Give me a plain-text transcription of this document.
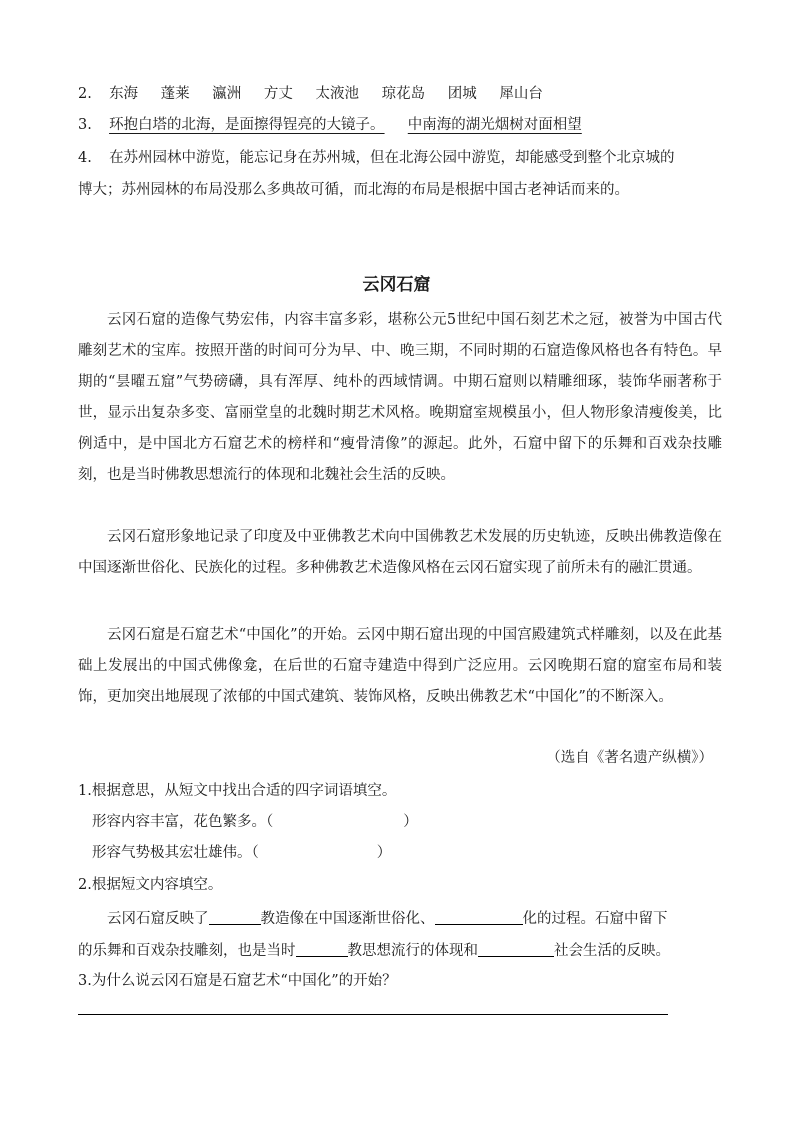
2. 东海 蓬莱 瀛洲 方丈 太液池 琼花岛 团城 犀山台
3. 环抱白塔的北海，是面擦得锃亮的大镜子。 中南海的湖光烟树对面相望
4. 在苏州园林中游览，能忘记身在苏州城，但在北海公园中游览，却能感受到整个北京城的
博大；苏州园林的布局没那么多典故可循，而北海的布局是根据中国古老神话而来的。
云冈石窟

云冈石窟的造像气势宏伟，内容丰富多彩，堪称公元5世纪中国石刻艺术之冠，被誉为中国古代雕刻艺术的宝库。按照开凿的时间可分为早、中、晚三期，不同时期的石窟造像风格也各有特色。早期的“昙曜五窟”气势磅礴，具有浑厚、纯朴的西域情调。中期石窟则以精雕细琢，装饰华丽著称于世，显示出复杂多变、富丽堂皇的北魏时期艺术风格。晚期窟室规模虽小，但人物形象清瘦俊美，比例适中，是中国北方石窟艺术的榜样和“瘦骨清像”的源起。此外，石窟中留下的乐舞和百戏杂技雕刻，也是当时佛教思想流行的体现和北魏社会生活的反映。

云冈石窟形象地记录了印度及中亚佛教艺术向中国佛教艺术发展的历史轨迹，反映出佛教造像在中国逐渐世俗化、民族化的过程。多种佛教艺术造像风格在云冈石窟实现了前所未有的融汇贯通。

云冈石窟是石窟艺术“中国化”的开始。云冈中期石窟出现的中国宫殿建筑式样雕刻，以及在此基础上发展出的中国式佛像龛，在后世的石窟寺建造中得到广泛应用。云冈晚期石窟的窟室布局和装饰，更加突出地展现了浓郁的中国式建筑、装饰风格，反映出佛教艺术“中国化”的不断深入。

（选自《著名遗产纵横》）
1.根据意思，从短文中找出合适的四字词语填空。
形容内容丰富，花色繁多。（	）
形容气势极其宏壮雄伟。（	）
2.根据短文内容填空。
云冈石窟反映了	教造像在中国逐渐世俗化、	化的过程。石窟中留下
的乐舞和百戏杂技雕刻，也是当时	教思想流行的体现和	社会生活的反映。
3.为什么说云冈石窟是石窟艺术“中国化”的开始？
